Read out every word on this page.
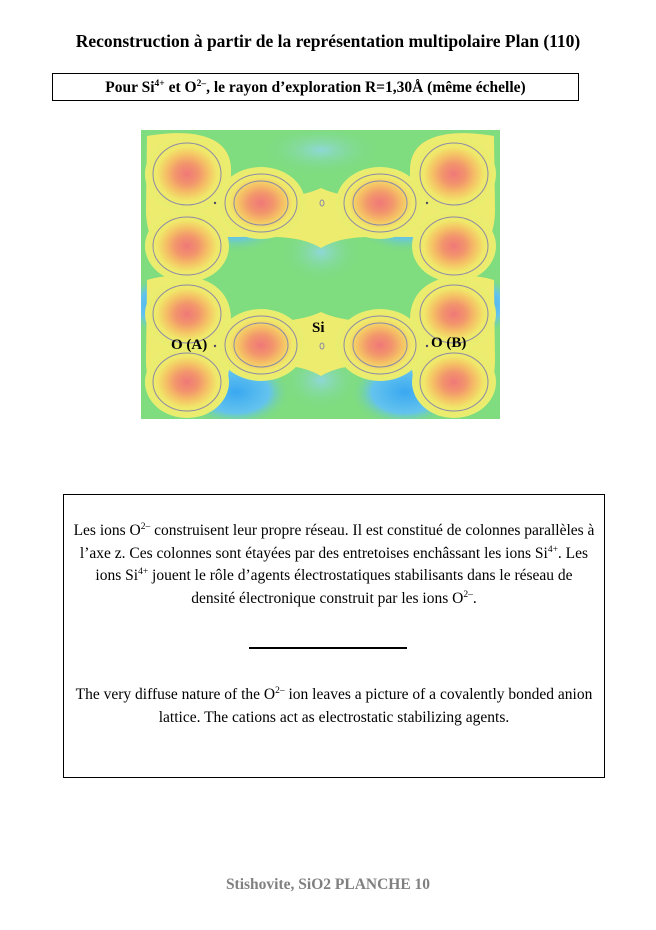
Reconstruction à partir de la représentation multipolaire Plan (110)
Pour $Si^{4+}$ et $O^{2-}$, le rayon d’exploration R=1,30Å (même échelle)
Si
O (A)	O (B)
Les ions $O^{2-}$ construisent leur propre réseau. Il est constitué de colonnes parallèles à l’axe z. Ces colonnes sont étayées par des entretoises enchâssant les ions $Si^{4+}$. Les ions $Si^{4+}$ jouent le rôle d’agents électrostatiques stabilisants dans le réseau de densité électronique construit par les ions $O^{2-}$.
The very diffuse nature of the $O^{2-}$ ion leaves a picture of a covalently bonded anion lattice. The cations act as electrostatic stabilizing agents.
Stishovite, SiO2 PLANCHE 10
